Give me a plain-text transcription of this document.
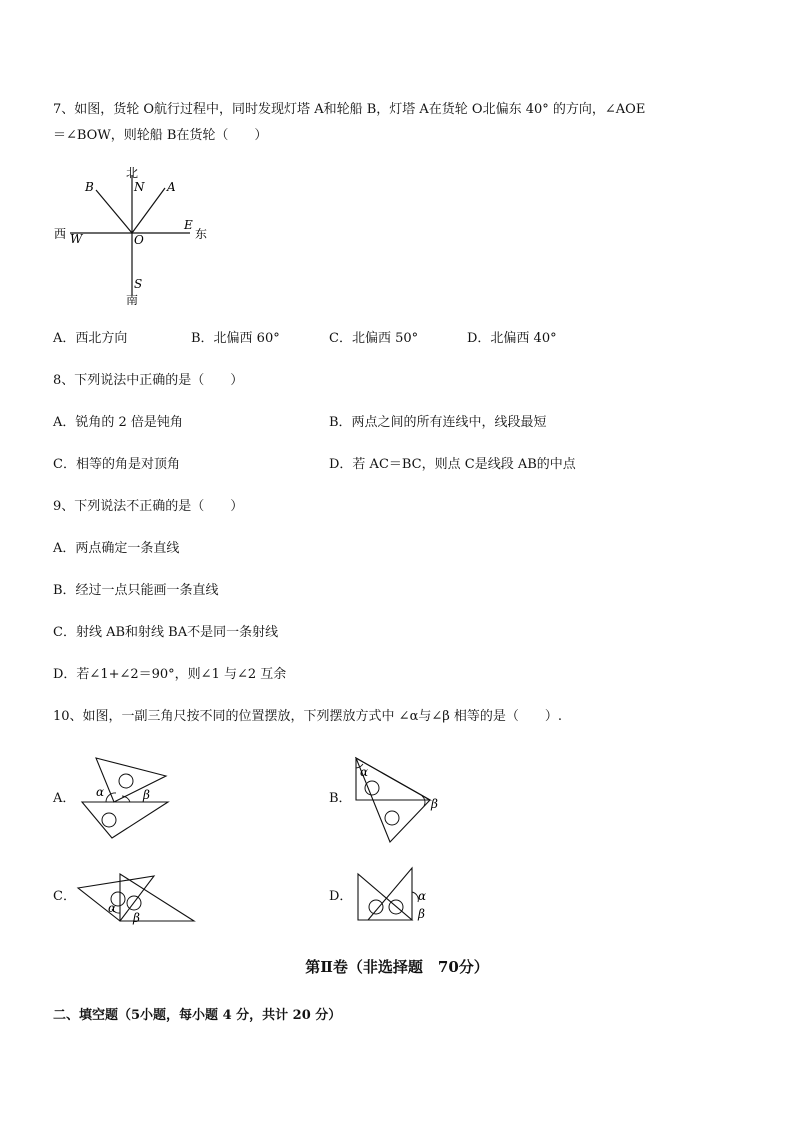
7、如图，货轮 O航行过程中，同时发现灯塔 A和轮船 B，灯塔 A在货轮 O北偏东 40° 的方向，∠AOE
＝∠BOW，则轮船 B在货轮（　　）
北
N
B	A
西 W	O
E
东
S
南
A．西北方向	B．北偏西 60°	C．北偏西 50°	D．北偏西 40°
8、下列说法中正确的是（　　）
A．锐角的 2 倍是钝角	B．两点之间的所有连线中，线段最短
C．相等的角是对顶角	D．若 AC＝BC，则点 C是线段 AB的中点
9、下列说法不正确的是（　　）
A．两点确定一条直线
B．经过一点只能画一条直线
C．射线 AB和射线 BA不是同一条射线
D．若∠1+∠2＝90°，则∠1 与∠2 互余
10、如图，一副三角尺按不同的位置摆放，下列摆放方式中 ∠α与∠β 相等的是（　　）.
A． α	β	B．
α
β
C．
α
β
D．	α
β
第Ⅱ卷（非选择题　70分）
二、填空题（5小题，每小题 4 分，共计 20 分）
